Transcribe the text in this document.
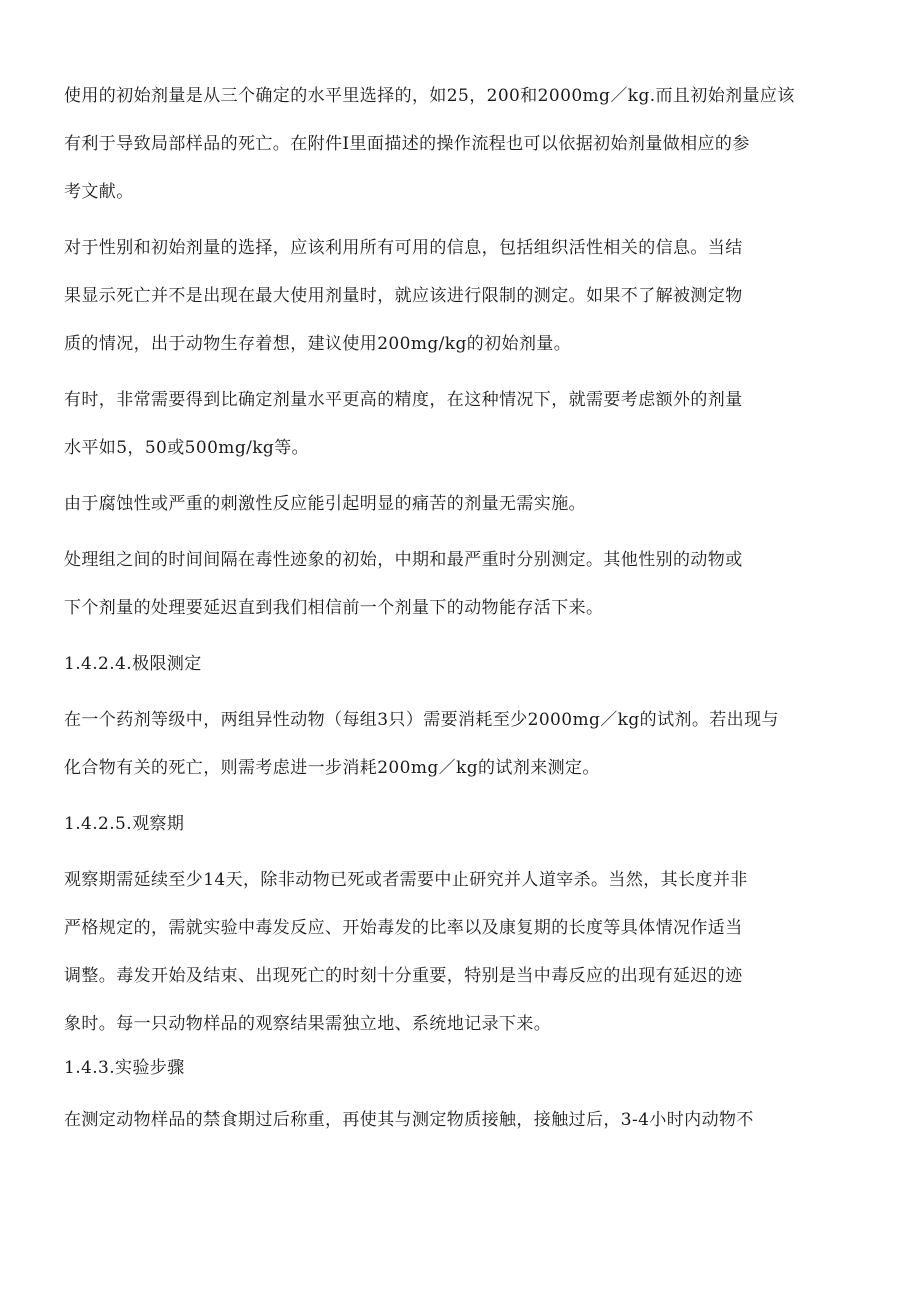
使用的初始剂量是从三个确定的水平里选择的，如25，200和2000mg／kg.而且初始剂量应该
有利于导致局部样品的死亡。在附件Ⅰ里面描述的操作流程也可以依据初始剂量做相应的参
考文献。

对于性别和初始剂量的选择，应该利用所有可用的信息，包括组织活性相关的信息。当结
果显示死亡并不是出现在最大使用剂量时，就应该进行限制的测定。如果不了解被测定物
质的情况，出于动物生存着想，建议使用200mg/kg的初始剂量。

有时，非常需要得到比确定剂量水平更高的精度，在这种情况下，就需要考虑额外的剂量
水平如5，50或500mg/kg等。

由于腐蚀性或严重的刺激性反应能引起明显的痛苦的剂量无需实施。

处理组之间的时间间隔在毒性迹象的初始，中期和最严重时分别测定。其他性别的动物或
下个剂量的处理要延迟直到我们相信前一个剂量下的动物能存活下来。

1.4.2.4.极限测定

在一个药剂等级中，两组异性动物（每组3只）需要消耗至少2000mg／kg的试剂。若出现与
化合物有关的死亡，则需考虑进一步消耗200mg／kg的试剂来测定。

1.4.2.5.观察期

观察期需延续至少14天，除非动物已死或者需要中止研究并人道宰杀。当然，其长度并非
严格规定的，需就实验中毒发反应、开始毒发的比率以及康复期的长度等具体情况作适当
调整。毒发开始及结束、出现死亡的时刻十分重要，特别是当中毒反应的出现有延迟的迹
象时。每一只动物样品的观察结果需独立地、系统地记录下来。

1.4.3.实验步骤

在测定动物样品的禁食期过后称重，再使其与测定物质接触，接触过后，3-4小时内动物不
